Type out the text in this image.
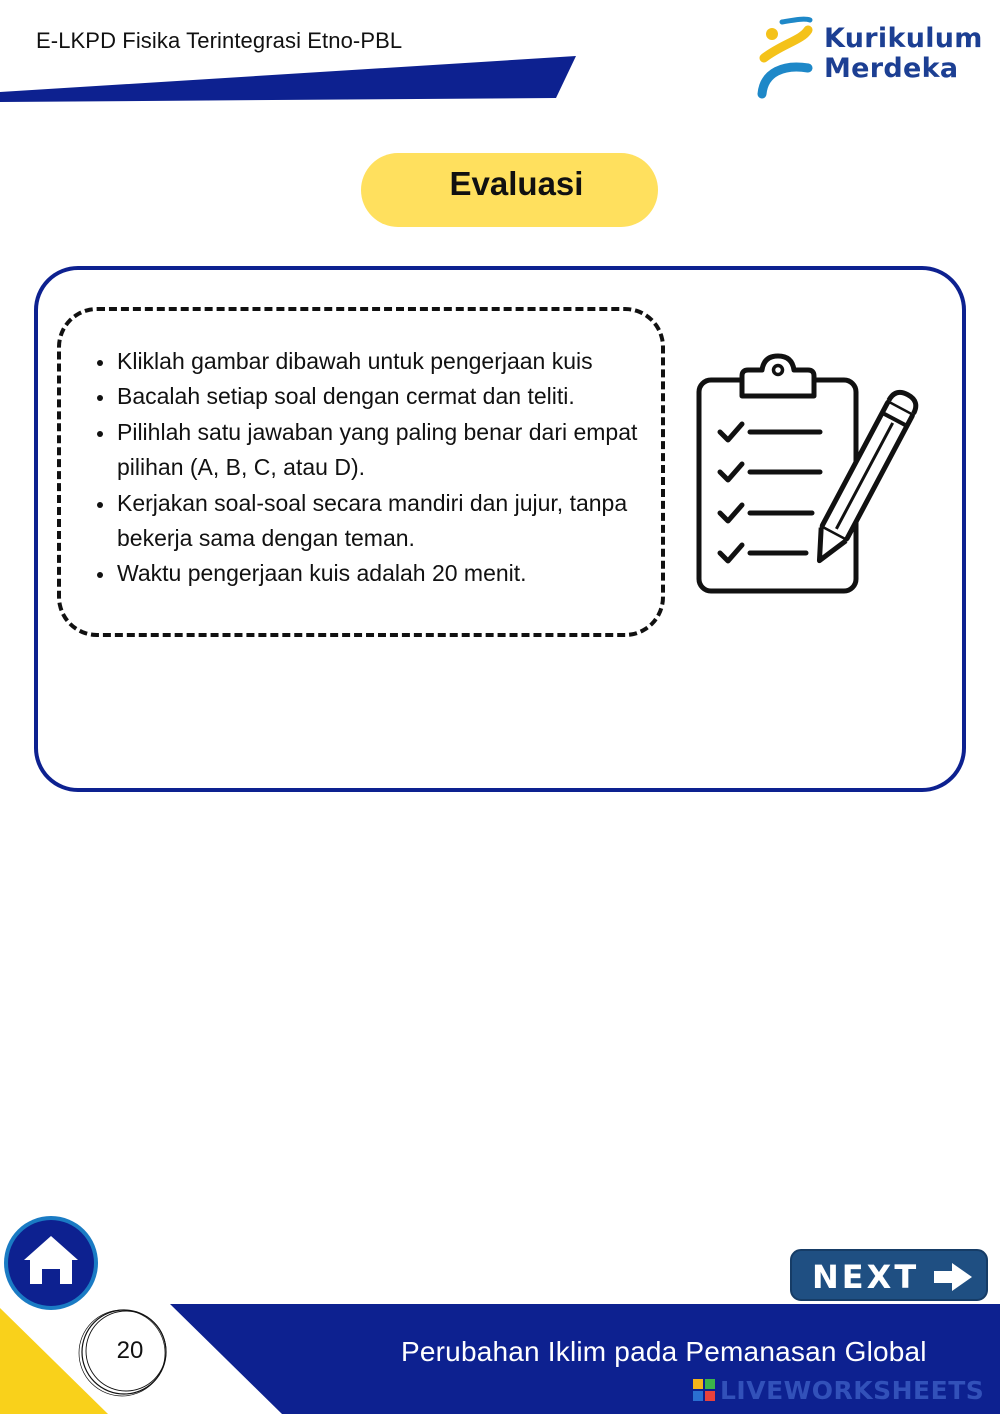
E-LKPD Fisika Terintegrasi Etno-PBL	Kurikulum
Merdeka
Evaluasi
Kliklah gambar dibawah untuk pengerjaan kuis
Bacalah setiap soal dengan cermat dan teliti.
Pilihlah satu jawaban yang paling benar dari empat pilihan (A, B, C, atau D).
Kerjakan soal-soal secara mandiri dan jujur, tanpa bekerja sama dengan teman.
Waktu pengerjaan kuis adalah 20 menit.
Perubahan Iklim pada Pemanasan Global
20
NEXT
LIVEWORKSHEETS
